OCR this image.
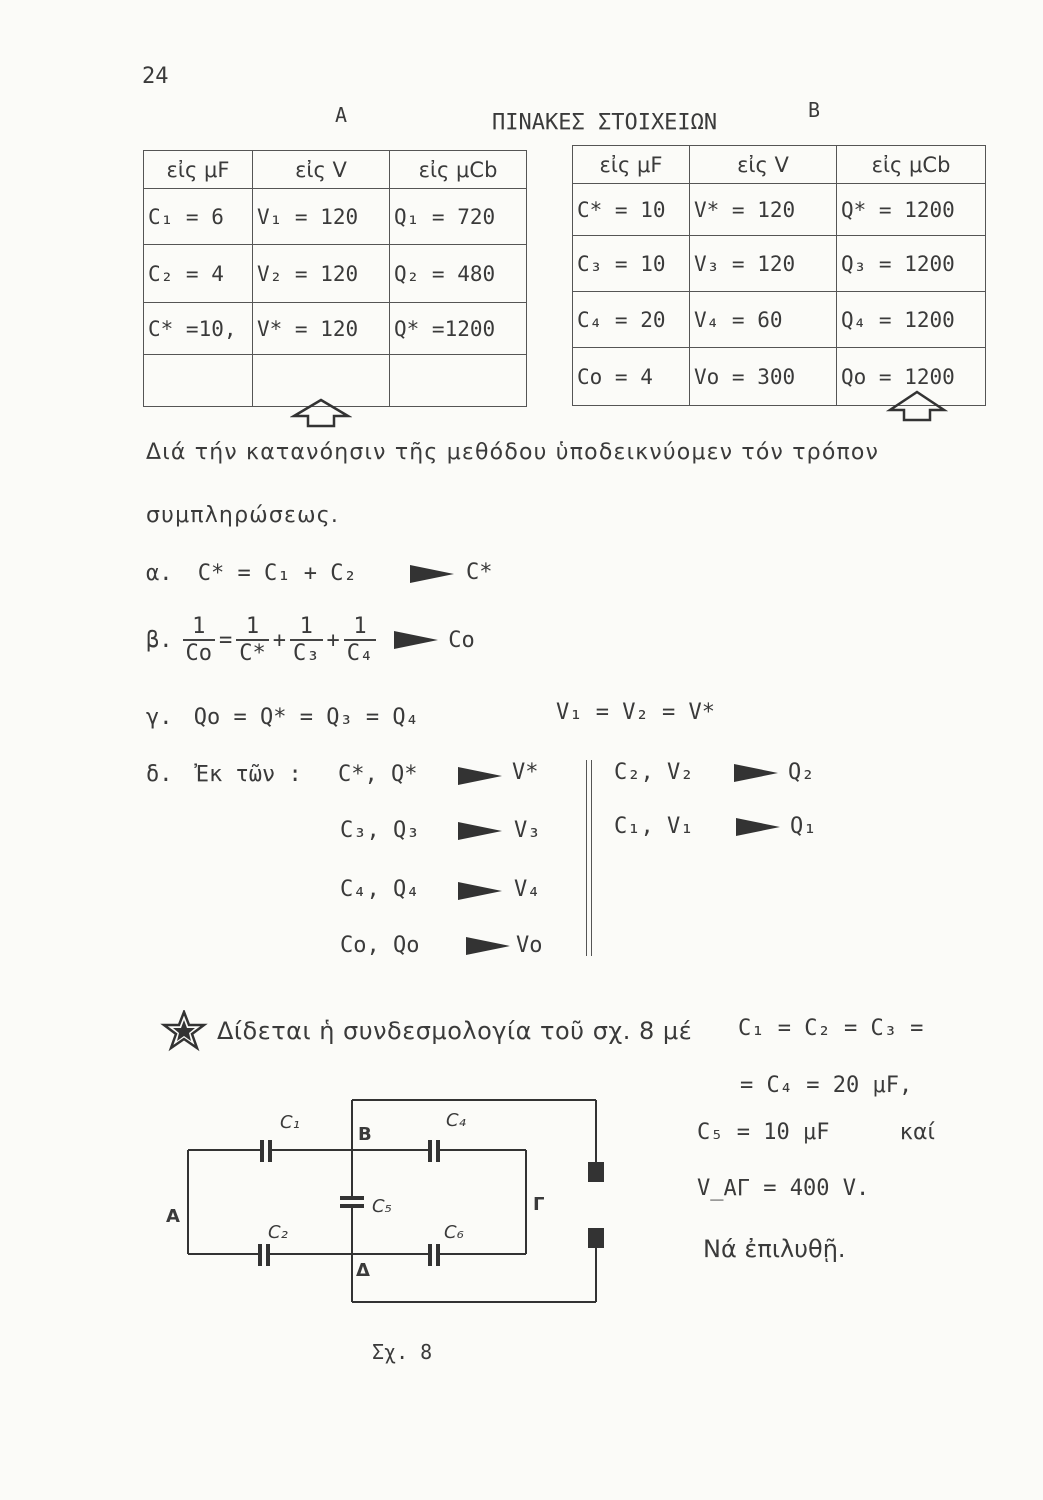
24
A	ΠΙΝΑΚΕΣ ΣΤΟΙΧΕΙΩΝ	B
εἰς μF	εἰς V	εἰς μCb
C₁ = 6	V₁ = 120	Q₁ = 720
C₂ = 4	V₂ = 120	Q₂ = 480
C* =10,	V* = 120	Q* =1200

εἰς μF	εἰς V	εἰς μCb
C* = 10	V* = 120	Q* = 1200
C₃ = 10	V₃ = 120	Q₃ = 1200
C₄ = 20	V₄ = 60	Q₄ = 1200
Co = 4	Vo = 300	Qo = 1200
Διά τήν κατανόησιν τῆς μεθόδου ὑποδεικνύομεν τόν τρόπον
συμπληρώσεως.
α. C* = C₁ + C₂	C*
β. $\frac{1}{Co} = \frac{1}{C*} + \frac{1}{\text{C₃}} + \frac{1}{\text{C₄}}$	Co
γ. Qo = Q* = Q₃ = Q₄	V₁ = V₂ = V*
δ. Ἐκ τῶν : C*, Q*	V*
C₃, Q₃	V₃
C₄, Q₄	V₄
Co, Qo	Vo
C₂, V₂	Q₂
C₁, V₁	Q₁
Δίδεται ἡ συνδεσμολογία τοῦ σχ. 8 μέ C₁ = C₂ = C₃ =
= C₄ = 20 μF,
C₅ = 10 μF	καί
V_ΑΓ = 400 V.
Νά ἐπιλυθῇ.
A
B
Γ
Δ
C₁	C₄
C₅
C₂	C₆
Σχ. 8
